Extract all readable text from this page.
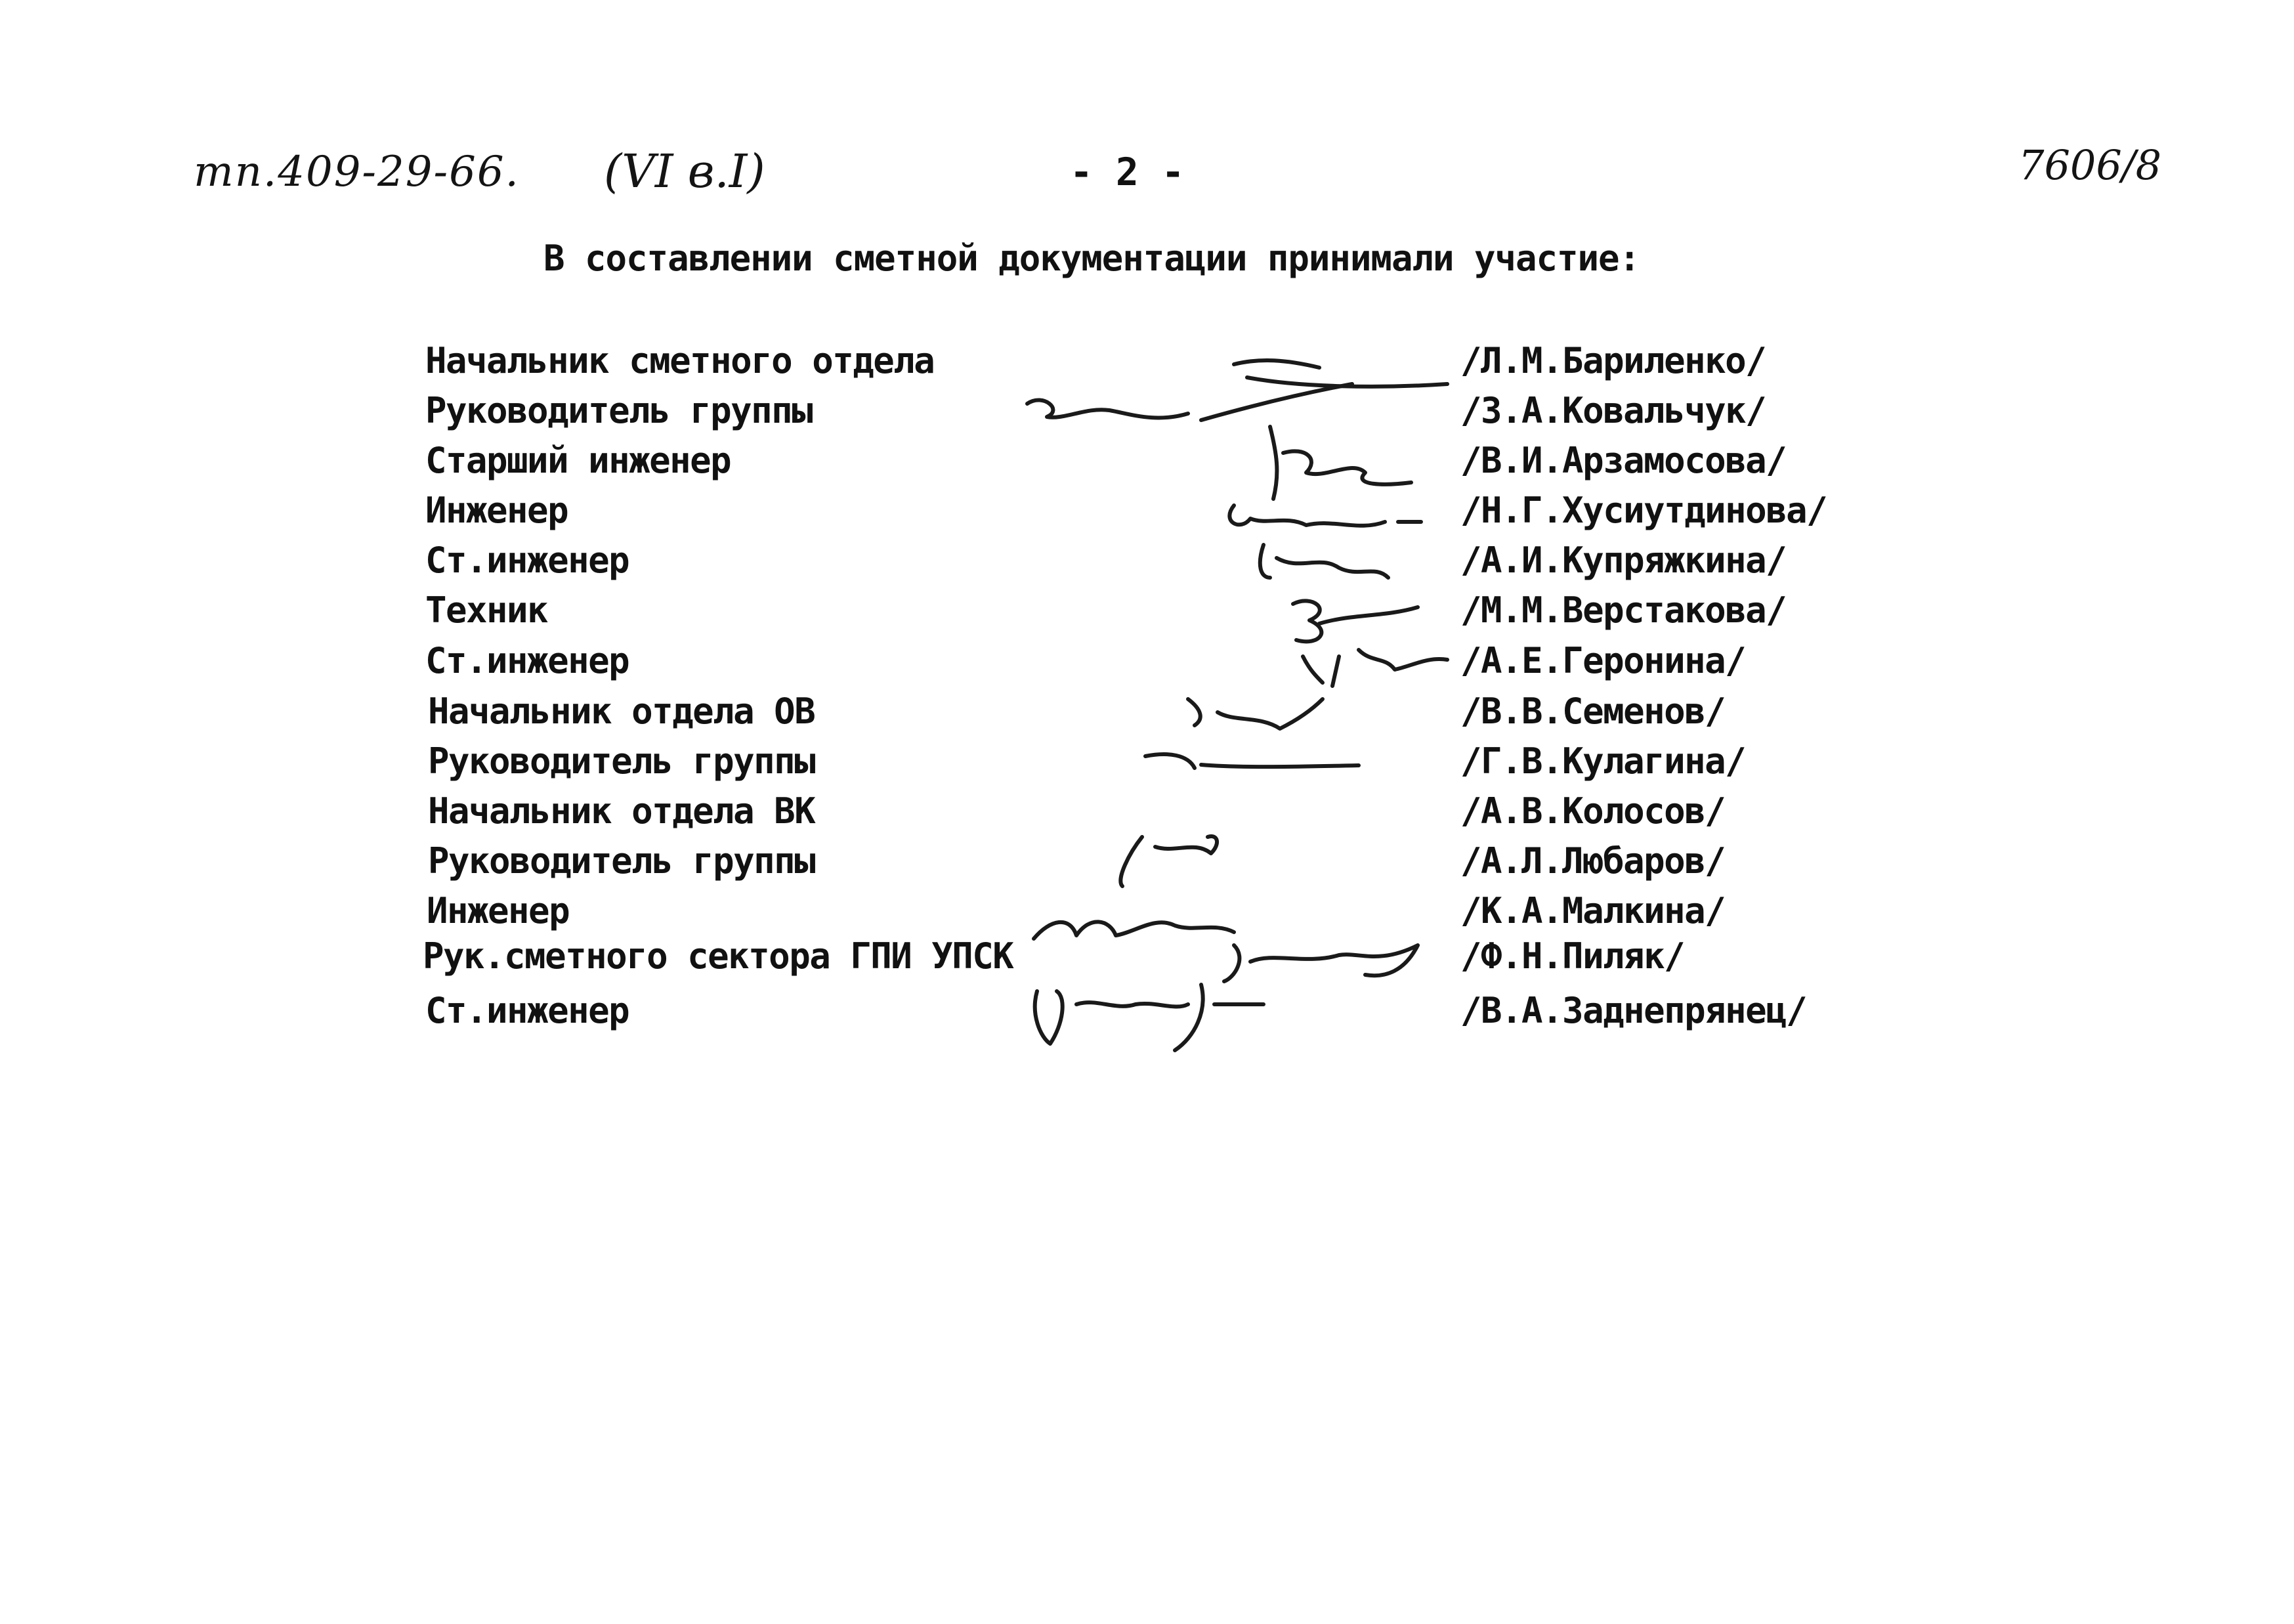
тп.409-29-66. (VI в.I)	- 2 -	7606/8
В составлении сметной документации принимали участие:
Начальник сметного отдела	/Л.М.Бариленко/
Руководитель группы	/З.А.Ковальчук/
Старший инженер	/В.И.Арзамосова/
Инженер	/Н.Г.Хусиутдинова/
Ст.инженер	/А.И.Купряжкина/
Техник	/М.М.Верстакова/
Ст.инженер	/А.Е.Геронина/
Начальник отдела ОВ	/В.В.Семенов/
Руководитель группы	/Г.В.Кулагина/
Начальник отдела ВК	/А.В.Колосов/
Руководитель группы	/А.Л.Любаров/
Инженер	/К.А.Малкина/
Рук.сметного сектора ГПИ УПСК	/Ф.Н.Пиляк/
Ст.инженер	/В.А.Заднепрянец/
